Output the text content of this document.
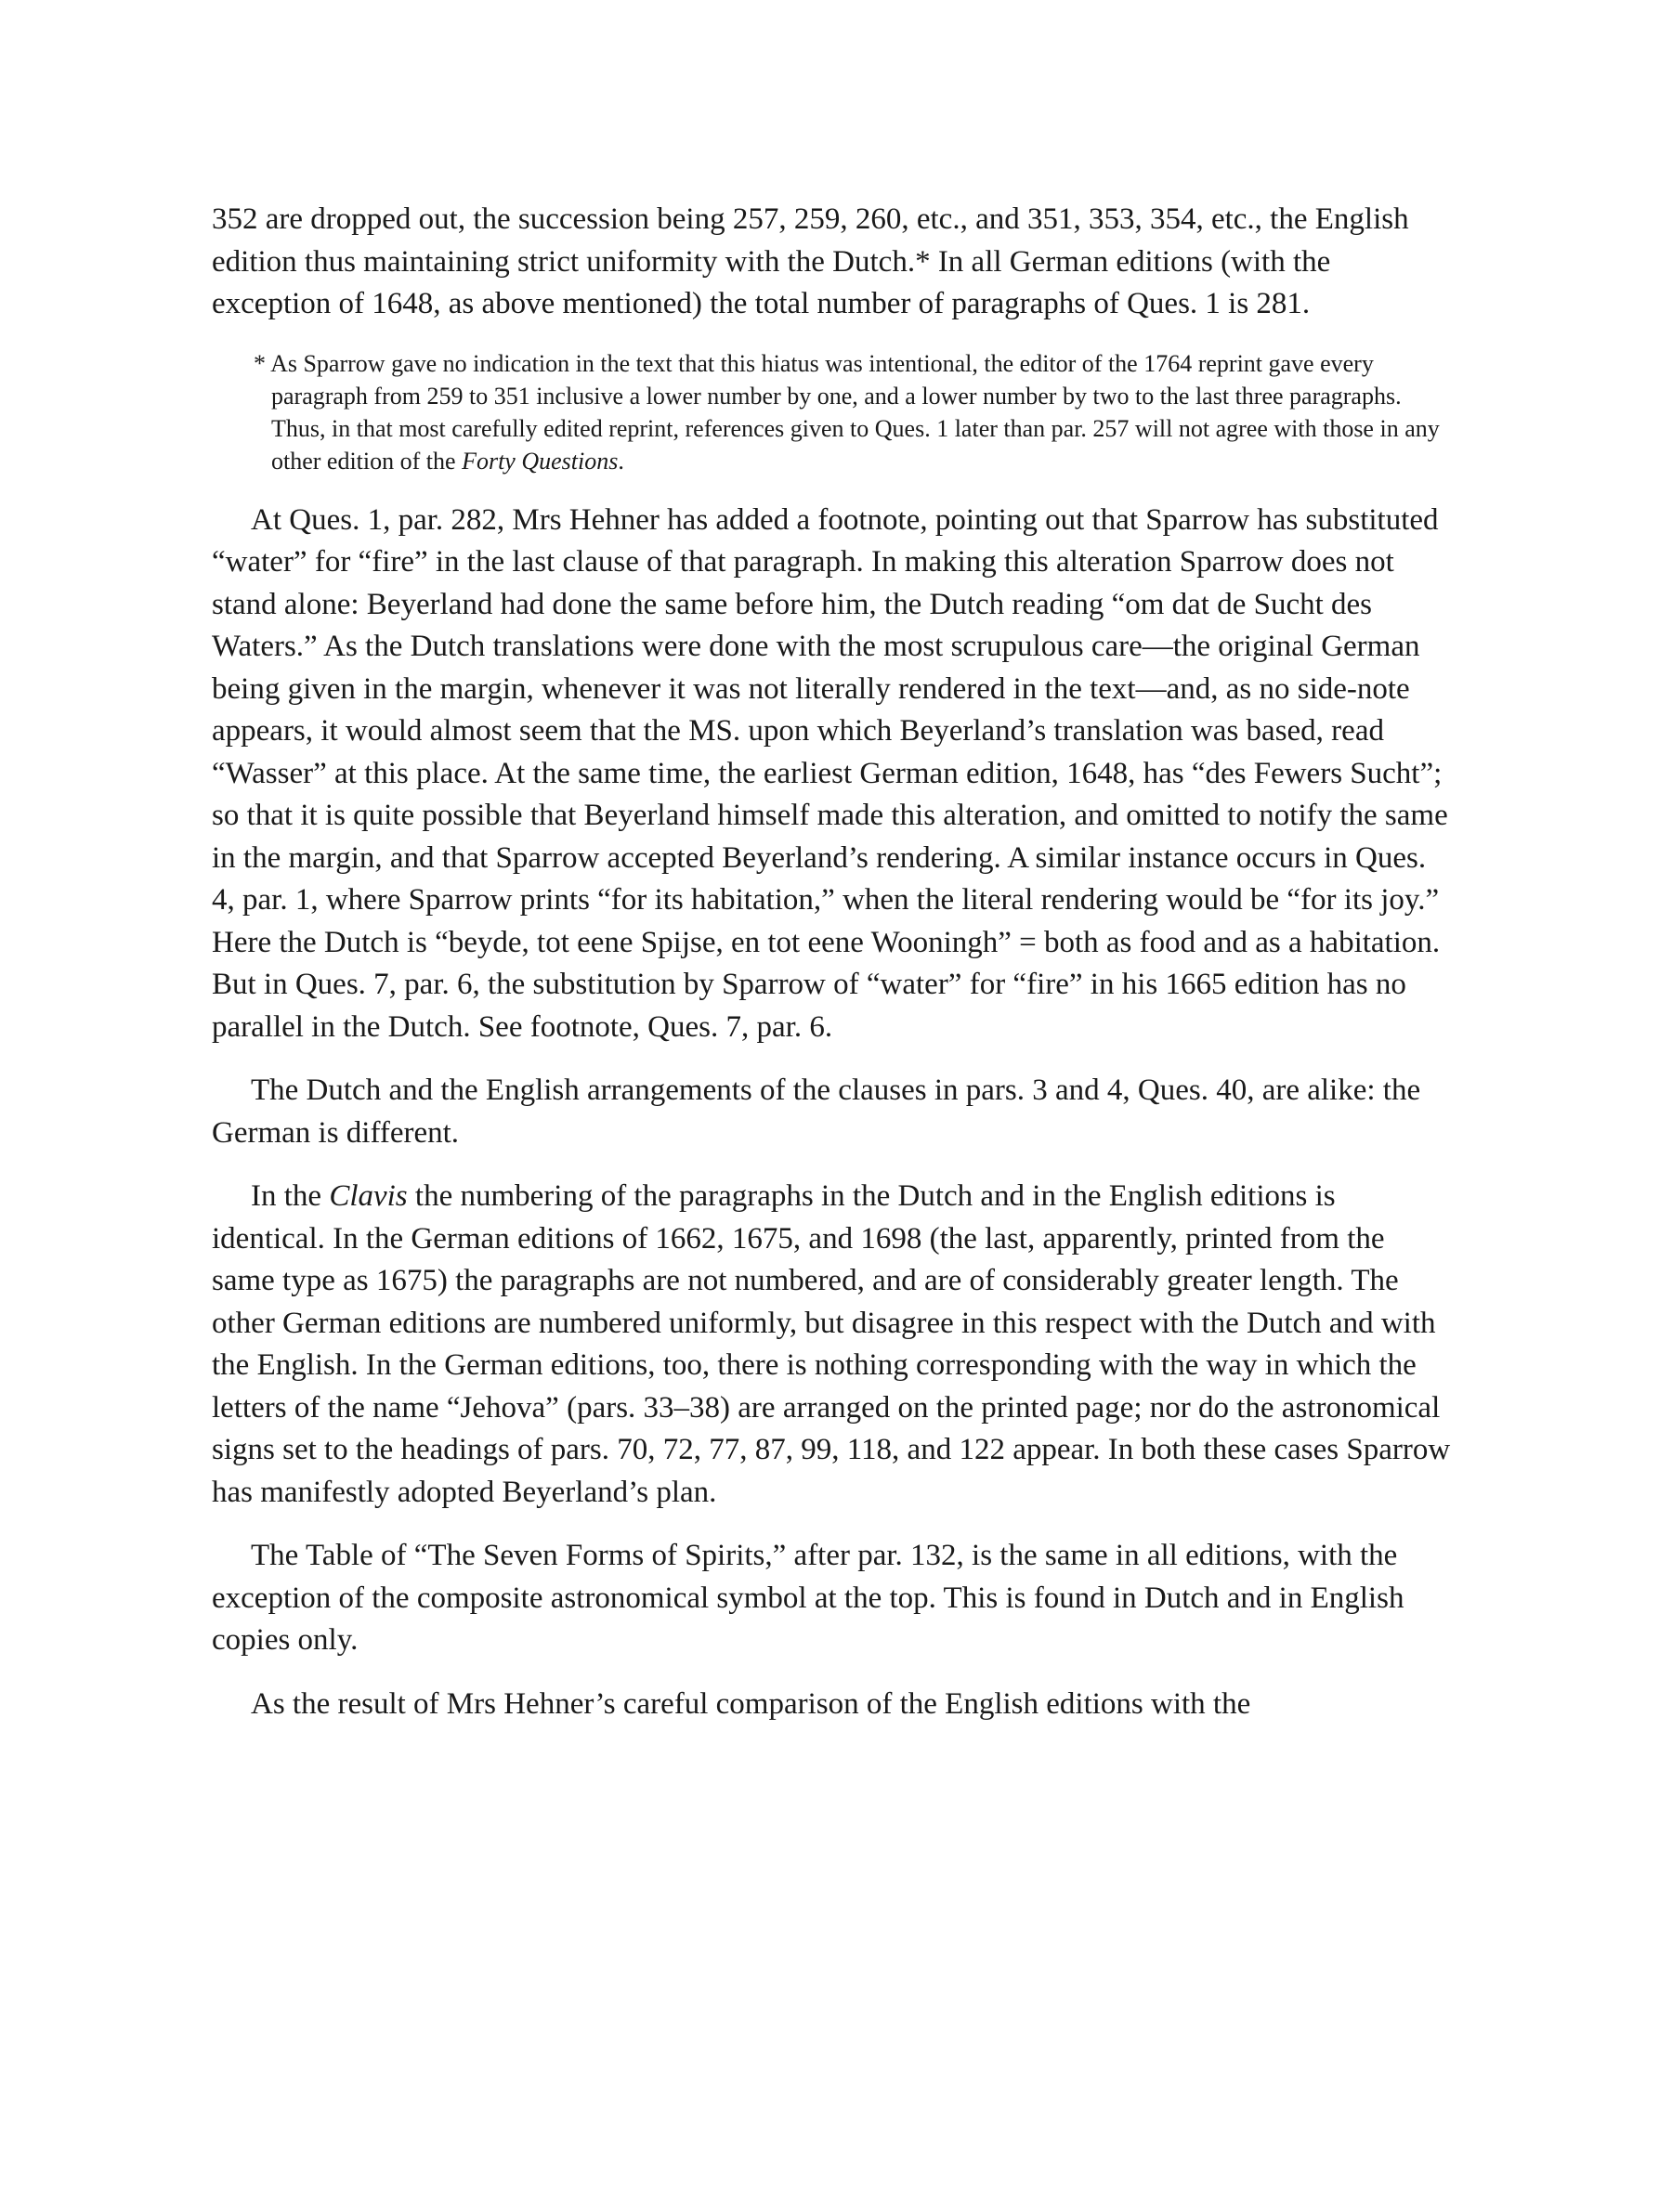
352 are dropped out, the succession being 257, 259, 260, etc., and 351, 353, 354, etc., the English edition thus maintaining strict uniformity with the Dutch.* In all German editions (with the exception of 1648, as above mentioned) the total number of paragraphs of Ques. 1 is 281.

* As Sparrow gave no indication in the text that this hiatus was intentional, the editor of the 1764 reprint gave every paragraph from 259 to 351 inclusive a lower number by one, and a lower number by two to the last three paragraphs. Thus, in that most carefully edited reprint, references given to Ques. 1 later than par. 257 will not agree with those in any other edition of the Forty Questions.

At Ques. 1, par. 282, Mrs Hehner has added a footnote, pointing out that Sparrow has substituted “water” for “fire” in the last clause of that paragraph. In making this alteration Sparrow does not stand alone: Beyerland had done the same before him, the Dutch reading “om dat de Sucht des Waters.” As the Dutch translations were done with the most scrupulous care—the original German being given in the margin, whenever it was not literally rendered in the text—and, as no side-note appears, it would almost seem that the MS. upon which Beyerland’s translation was based, read “Wasser” at this place. At the same time, the earliest German edition, 1648, has “des Fewers Sucht”; so that it is quite possible that Beyerland himself made this alteration, and omitted to notify the same in the margin, and that Sparrow accepted Beyerland’s rendering. A similar instance occurs in Ques. 4, par. 1, where Sparrow prints “for its habitation,” when the literal rendering would be “for its joy.” Here the Dutch is “beyde, tot eene Spijse, en tot eene Wooningh” = both as food and as a habitation. But in Ques. 7, par. 6, the substitution by Sparrow of “water” for “fire” in his 1665 edition has no parallel in the Dutch. See footnote, Ques. 7, par. 6.

The Dutch and the English arrangements of the clauses in pars. 3 and 4, Ques. 40, are alike: the German is different.

In the Clavis the numbering of the paragraphs in the Dutch and in the English editions is identical. In the German editions of 1662, 1675, and 1698 (the last, apparently, printed from the same type as 1675) the paragraphs are not numbered, and are of considerably greater length. The other German editions are numbered uniformly, but disagree in this respect with the Dutch and with the English. In the German editions, too, there is nothing corresponding with the way in which the letters of the name “Jehova” (pars. 33–38) are arranged on the printed page; nor do the astronomical signs set to the headings of pars. 70, 72, 77, 87, 99, 118, and 122 appear. In both these cases Sparrow has manifestly adopted Beyerland’s plan.

The Table of “The Seven Forms of Spirits,” after par. 132, is the same in all editions, with the exception of the composite astronomical symbol at the top. This is found in Dutch and in English copies only.

As the result of Mrs Hehner’s careful comparison of the English editions with the
